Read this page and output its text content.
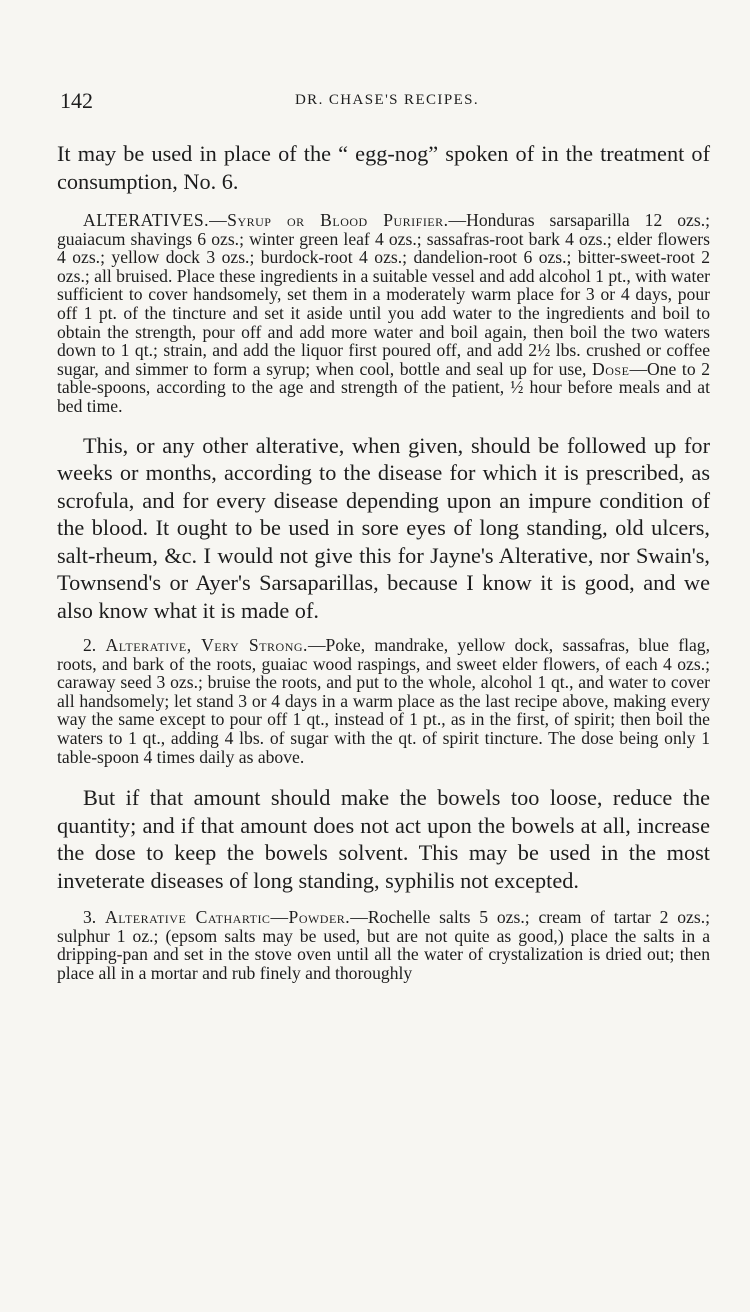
142	DR. CHASE'S RECIPES.

It may be used in place of the “ egg-nog” spoken of in the treatment of consumption, No. 6.

ALTERATIVES.—Syrup or Blood Purifier.—Honduras sarsaparilla 12 ozs.; guaiacum shavings 6 ozs.; winter green leaf 4 ozs.; sassafras-root bark 4 ozs.; elder flowers 4 ozs.; yellow dock 3 ozs.; burdock-root 4 ozs.; dandelion-root 6 ozs.; bitter-sweet-root 2 ozs.; all bruised. Place these ingredients in a suitable vessel and add alcohol 1 pt., with water sufficient to cover handsomely, set them in a moderately warm place for 3 or 4 days, pour off 1 pt. of the tincture and set it aside until you add water to the ingredients and boil to obtain the strength, pour off and add more water and boil again, then boil the two waters down to 1 qt.; strain, and add the liquor first poured off, and add 2½ lbs. crushed or coffee sugar, and simmer to form a syrup; when cool, bottle and seal up for use, Dose—One to 2 table-spoons, according to the age and strength of the patient, ½ hour before meals and at bed time.

This, or any other alterative, when given, should be followed up for weeks or months, according to the disease for which it is prescribed, as scrofula, and for every disease depending upon an impure condition of the blood. It ought to be used in sore eyes of long standing, old ulcers, salt-rheum, &c. I would not give this for Jayne's Alterative, nor Swain's, Townsend's or Ayer's Sarsaparillas, because I know it is good, and we also know what it is made of.

2. Alterative, Very Strong.—Poke, mandrake, yellow dock, sassafras, blue flag, roots, and bark of the roots, guaiac wood raspings, and sweet elder flowers, of each 4 ozs.; caraway seed 3 ozs.; bruise the roots, and put to the whole, alcohol 1 qt., and water to cover all handsomely; let stand 3 or 4 days in a warm place as the last recipe above, making every way the same except to pour off 1 qt., instead of 1 pt., as in the first, of spirit; then boil the waters to 1 qt., adding 4 lbs. of sugar with the qt. of spirit tincture. The dose being only 1 table-spoon 4 times daily as above.

But if that amount should make the bowels too loose, reduce the quantity; and if that amount does not act upon the bowels at all, increase the dose to keep the bowels solvent. This may be used in the most inveterate diseases of long standing, syphilis not excepted.

3. Alterative Cathartic—Powder.—Rochelle salts 5 ozs.; cream of tartar 2 ozs.; sulphur 1 oz.; (epsom salts may be used, but are not quite as good,) place the salts in a dripping-pan and set in the stove oven until all the water of crystalization is dried out; then place all in a mortar and rub finely and thoroughly
